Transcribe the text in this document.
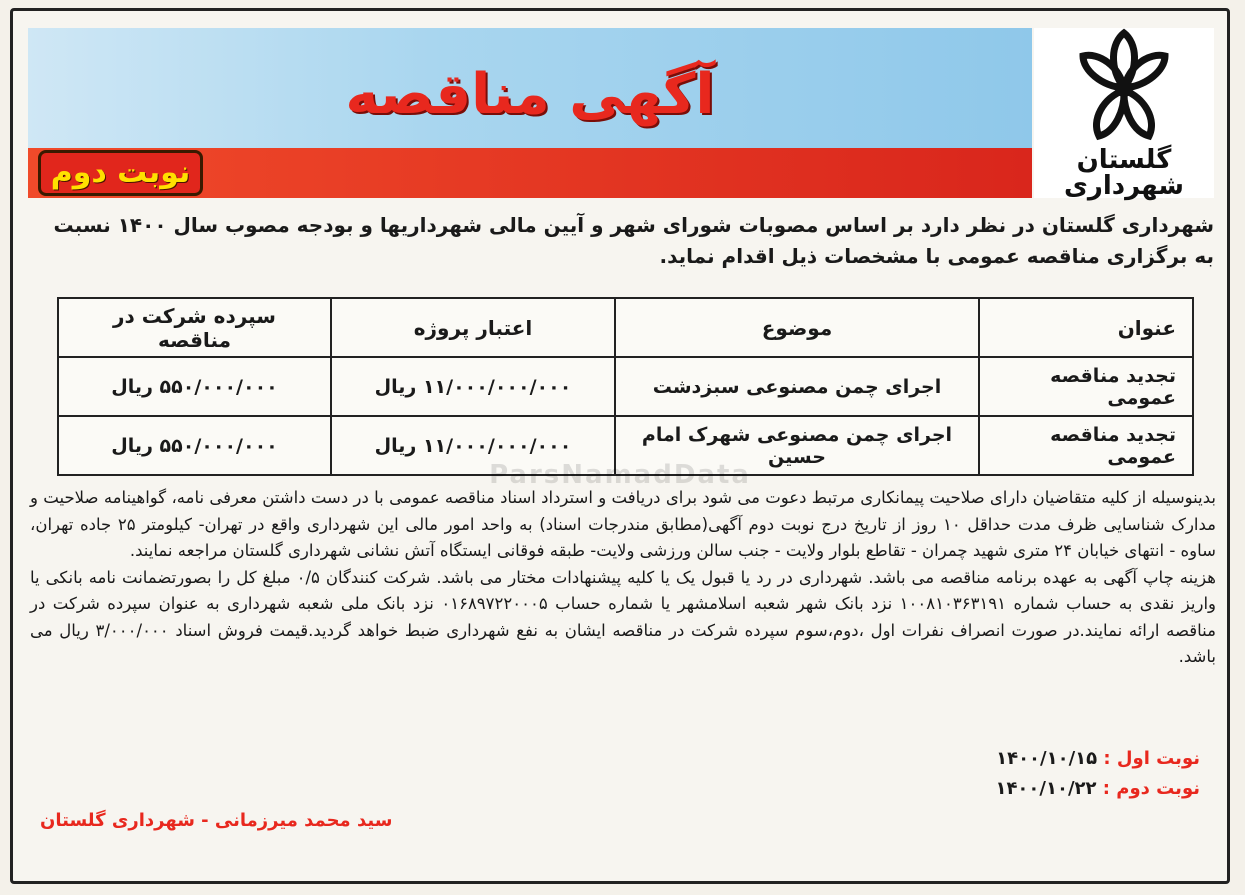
آگهی مناقصه
نوبت دوم	گلستان
شهرداری
شهرداری گلستان در نظر دارد بر اساس مصوبات شورای شهر و آیین مالی شهرداریها و بودجه مصوب سال ۱۴۰۰ نسبت به برگزاری مناقصه عمومی با مشخصات ذیل اقدام نماید.
عنوان	موضوع	اعتبار پروژه	سپرده شرکت در مناقصه
تجدید مناقصه عمومی	اجرای چمن مصنوعی سبزدشت	۱۱/۰۰۰/۰۰۰/۰۰۰ ریال	۵۵۰/۰۰۰/۰۰۰ ریال
تجدید مناقصه عمومی	اجرای چمن مصنوعی شهرک امام حسین	۱۱/۰۰۰/۰۰۰/۰۰۰ ریال	۵۵۰/۰۰۰/۰۰۰ ریال
ParsNamadData

بدینوسیله از کلیه متقاضیان دارای صلاحیت پیمانکاری مرتبط دعوت می شود برای دریافت و استرداد اسناد مناقصه عمومی با در دست داشتن معرفی نامه، گواهینامه صلاحیت و مدارک شناسایی ظرف مدت حداقل ۱۰ روز از تاریخ درج نوبت دوم آگهی(مطابق مندرجات اسناد) به واحد امور مالی این شهرداری واقع در تهران- کیلومتر ۲۵ جاده تهران، ساوه - انتهای خیابان ۲۴ متری شهید چمران - تقاطع بلوار ولایت - جنب سالن ورزشی ولایت- طبقه فوقانی ایستگاه آتش نشانی شهرداری گلستان مراجعه نمایند.

هزینه چاپ آگهی به عهده برنامه مناقصه می باشد. شهرداری در رد یا قبول یک یا کلیه پیشنهادات مختار می باشد. شرکت کنندگان ۰/۵ مبلغ کل را بصورتضمانت نامه بانکی یا واریز نقدی به حساب شماره ۱۰۰۸۱۰۳۶۳۱۹۱ نزد بانک شهر شعبه اسلامشهر یا شماره حساب ۰۱۶۸۹۷۲۲۰۰۰۵ نزد بانک ملی شعبه شهرداری به عنوان سپرده شرکت در مناقصه ارائه نمایند.در صورت انصراف نفرات اول ،دوم،سوم سپرده شرکت در مناقصه ایشان به نفع شهرداری ضبط خواهد گردید.قیمت فروش اسناد ۳/۰۰۰/۰۰۰ ریال می باشد.

نوبت اول : ۱۴۰۰/۱۰/۱۵
نوبت دوم : ۱۴۰۰/۱۰/۲۲
سید محمد میرزمانی - شهرداری گلستان
